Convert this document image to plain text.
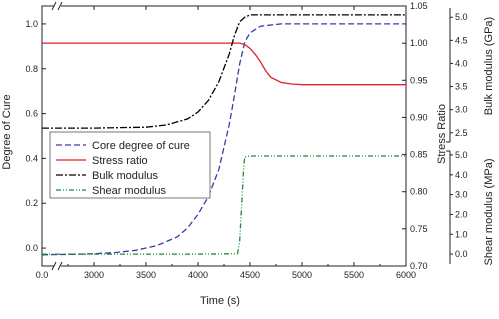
0.0	3000	3500	4000	4500	5000	5500	6000
0.0
0.2
0.4
0.6
0.8
1.0
0.70
0.75
0.80
0.85
0.90
0.95
1.00
1.05
2.5
3.0
3.5
4.0
4.5
5.0
0.0
1.0
2.0
3.0
4.0
5.0
Time (s)
Degree of Cure	Stress Ratio
Bulk modulus (GPa)
Shear modulus (MPa)
Core degree of cure
Stress ratio
Bulk modulus
Shear modulus
